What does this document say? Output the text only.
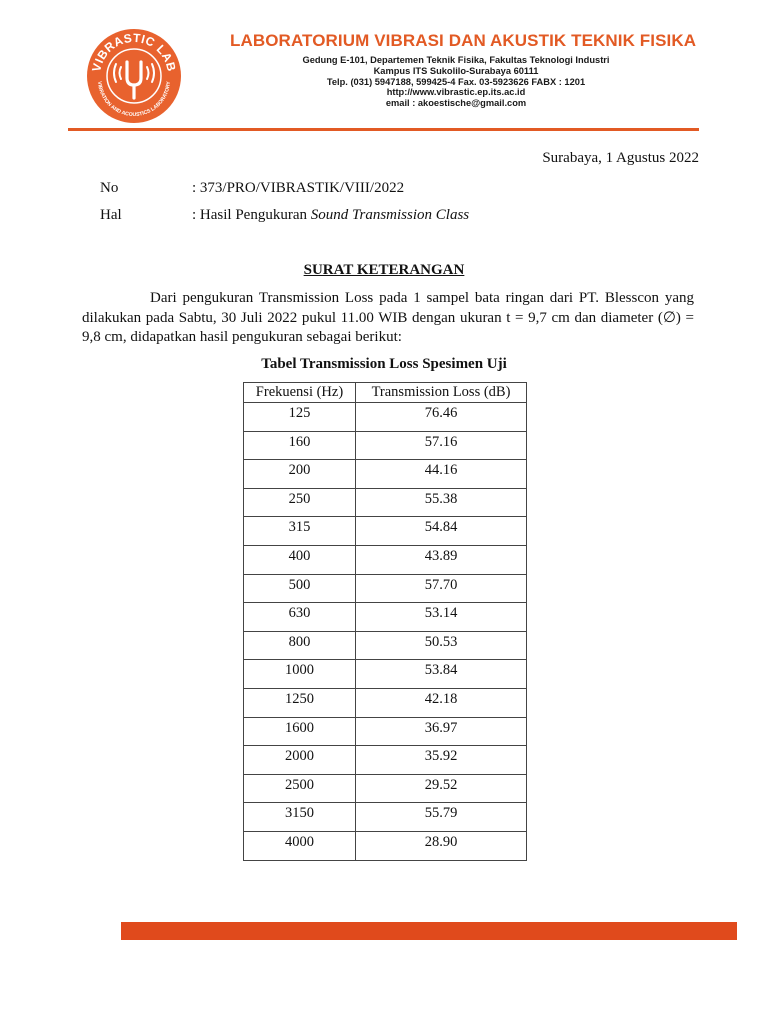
VIBRASTIC LAB
VIBRATION AND ACOUSTICS LABORATORY
LABORATORIUM VIBRASI DAN AKUSTIK TEKNIK FISIKA
Gedung E-101, Departemen Teknik Fisika, Fakultas Teknologi Industri
Kampus ITS Sukolilo-Surabaya 60111
Telp. (031) 5947188, 599425-4 Fax. 03-5923626 FABX : 1201
http://www.vibrastic.ep.its.ac.id
email : akoestische@gmail.com
Surabaya, 1 Agustus 2022
No	: 373/PRO/VIBRASTIK/VIII/2022
Hal	: Hasil Pengukuran Sound Transmission Class
SURAT KETERANGAN
Dari pengukuran Transmission Loss pada 1 sampel bata ringan dari PT. Blesscon yang dilakukan pada Sabtu, 30 Juli 2022 pukul 11.00 WIB dengan ukuran t = 9,7 cm dan diameter (∅) = 9,8 cm, didapatkan hasil pengukuran sebagai berikut:
Tabel Transmission Loss Spesimen Uji
Frekuensi (Hz)	Transmission Loss (dB)
125	76.46
160	57.16
200	44.16
250	55.38
315	54.84
400	43.89
500	57.70
630	53.14
800	50.53
1000	53.84
1250	42.18
1600	36.97
2000	35.92
2500	29.52
3150	55.79
4000	28.90
